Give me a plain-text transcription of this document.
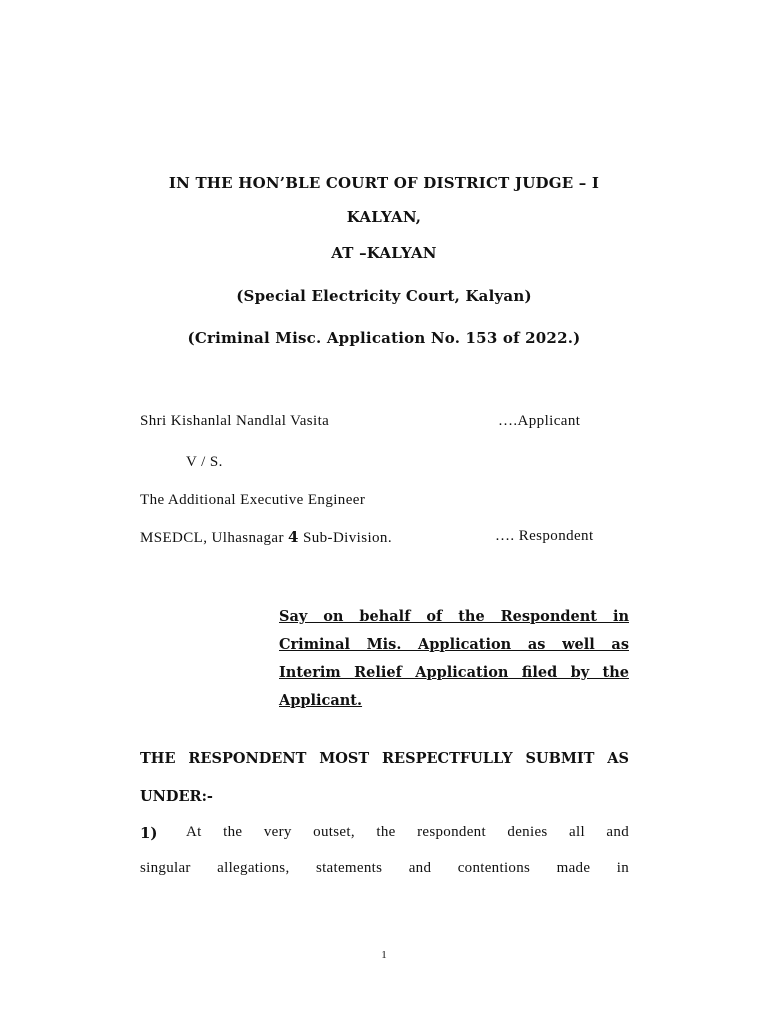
IN THE HON’BLE COURT OF DISTRICT JUDGE – I
KALYAN,
AT –KALYAN
(Special Electricity Court, Kalyan)
(Criminal Misc. Application No. 153 of 2022.)
Shri Kishanlal Nandlal Vasita	….Applicant
V / S.
The Additional Executive Engineer
MSEDCL, Ulhasnagar 4 Sub-Division.	…. Respondent
Say on behalf of the Respondent in
Criminal Mis. Application as well as
Interim Relief Application filed by the
Applicant.
THE RESPONDENT MOST RESPECTFULLY SUBMIT AS
UNDER:-
1) At the very outset, the respondent denies all and
singular allegations, statements and contentions made in
1
